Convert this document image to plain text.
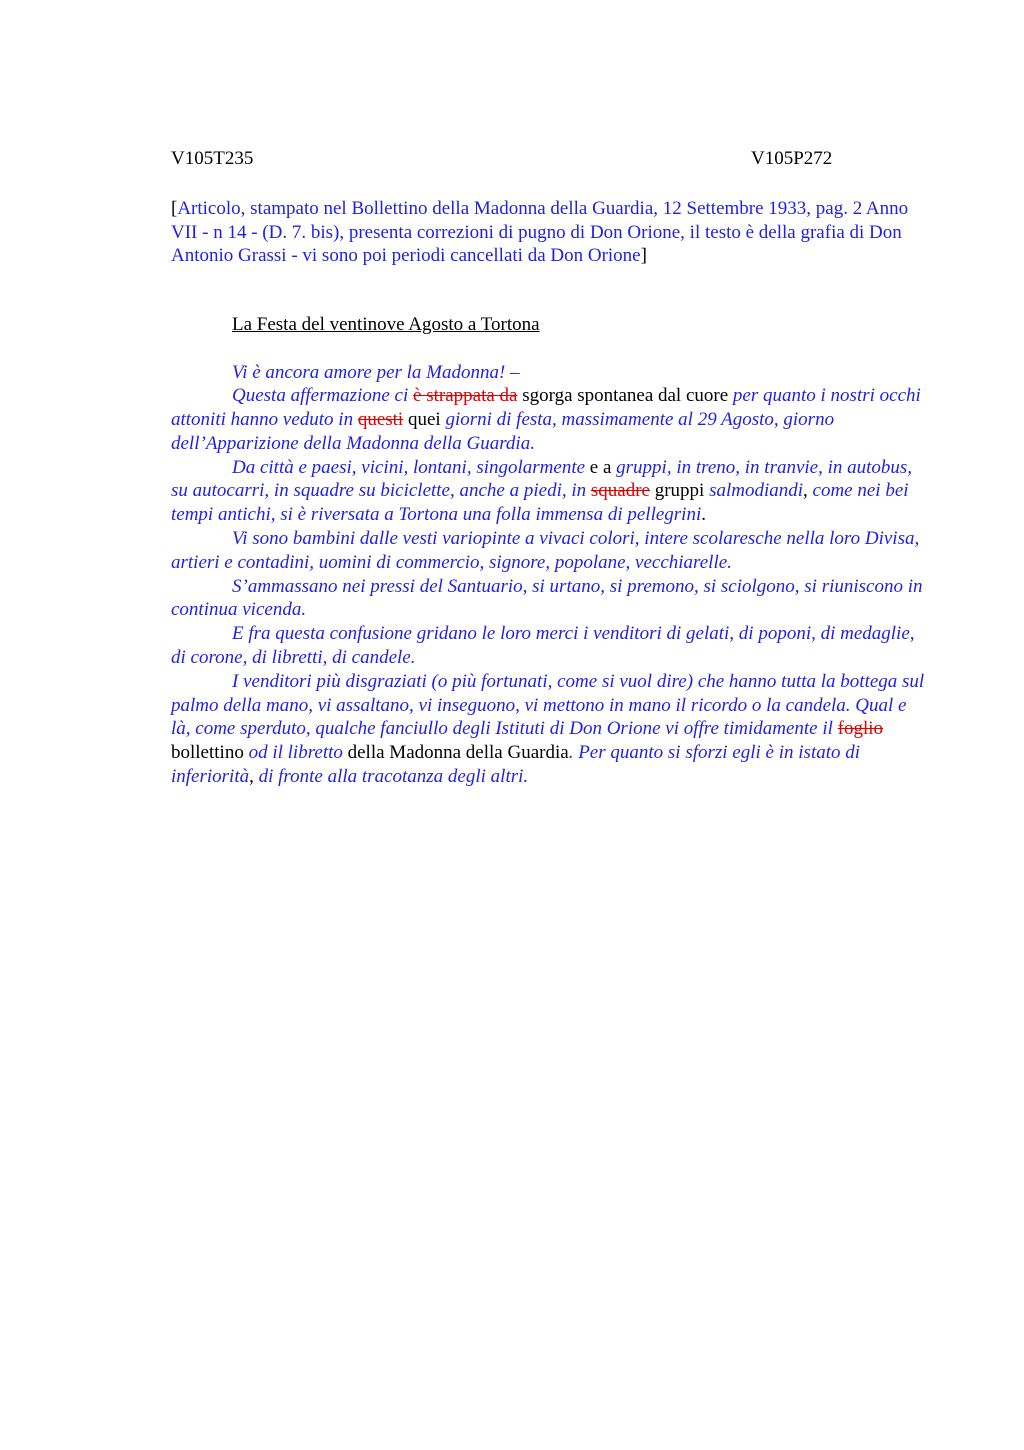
V105T235	V105P272
[Articolo, stampato nel Bollettino della Madonna della Guardia, 12 Settembre 1933, pag. 2 Anno VII - n 14 - (D. 7. bis), presenta correzioni di pugno di Don Orione, il testo è della grafia di Don Antonio Grassi - vi sono poi periodi cancellati da Don Orione]
La Festa del ventinove Agosto a Tortona

Vi è ancora amore per la Madonna! –

Questa affermazione ci è strappata da sgorga spontanea dal cuore per quanto i nostri occhi attoniti hanno veduto in questi quei giorni di festa, massimamente al 29 Agosto, giorno dell’Apparizione della Madonna della Guardia.

Da città e paesi, vicini, lontani, singolarmente e a gruppi, in treno, in tranvie, in autobus, su autocarri, in squadre su biciclette, anche a piedi, in squadre gruppi salmodiandi, come nei bei tempi antichi, si è riversata a Tortona una folla immensa di pellegrini.

Vi sono bambini dalle vesti variopinte a vivaci colori, intere scolaresche nella loro Divisa, artieri e contadini, uomini di commercio, signore, popolane, vecchiarelle.

S’ammassano nei pressi del Santuario, si urtano, si premono, si sciolgono, si riuniscono in continua vicenda.

E fra questa confusione gridano le loro merci i venditori di gelati, di poponi, di medaglie, di corone, di libretti, di candele.

I venditori più disgraziati (o più fortunati, come si vuol dire) che hanno tutta la bottega sul palmo della mano, vi assaltano, vi inseguono, vi mettono in mano il ricordo o la candela. Qual e là, come sperduto, qualche fanciullo degli Istituti di Don Orione vi offre timidamente il foglio bollettino od il libretto della Madonna della Guardia. Per quanto si sforzi egli è in istato di inferiorità, di fronte alla tracotanza degli altri.
